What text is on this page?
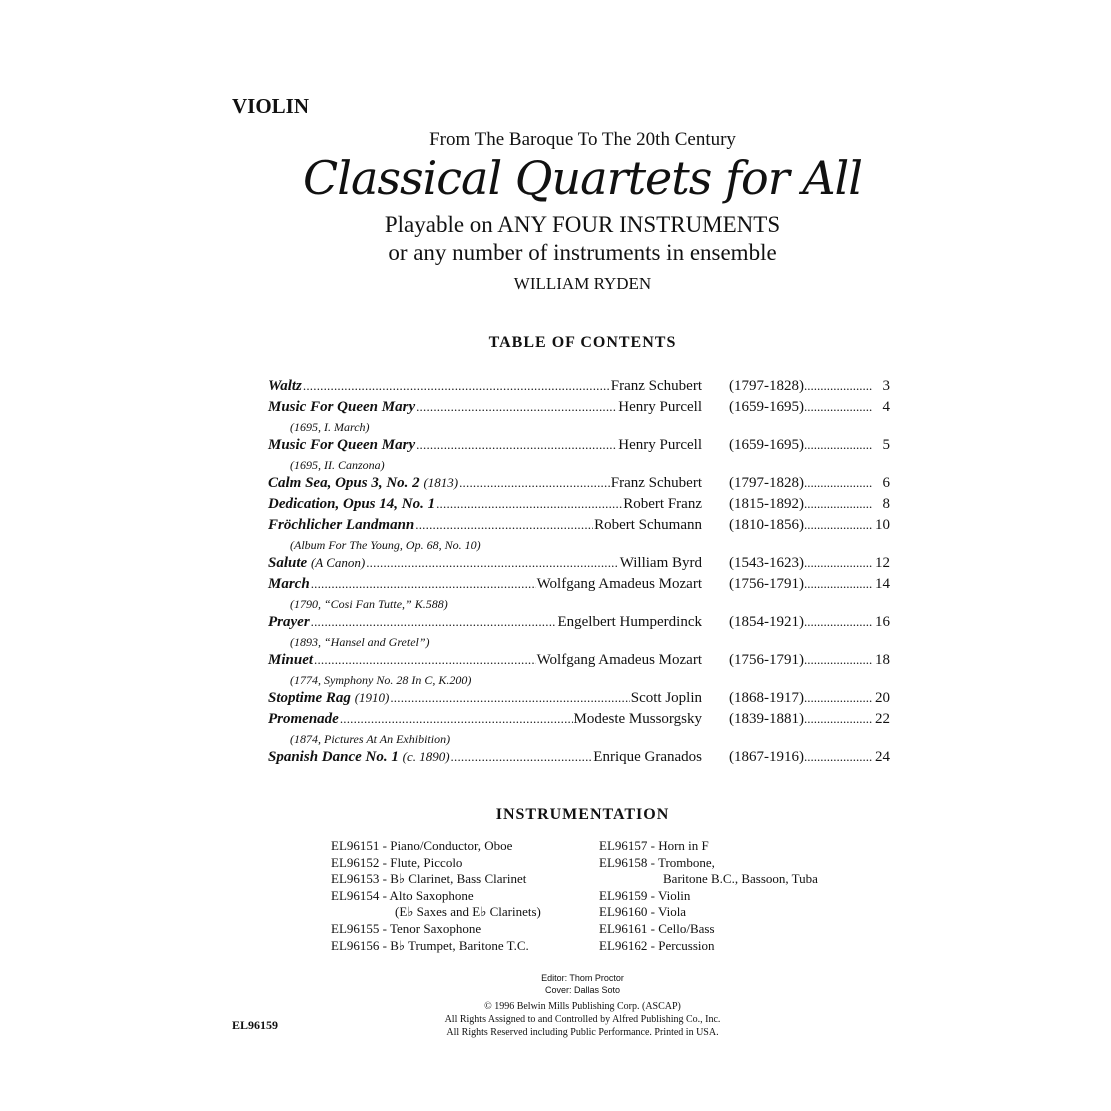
VIOLIN
From The Baroque To The 20th Century
Classical Quartets for All
Playable on ANY FOUR INSTRUMENTS
or any number of instruments in ensemble
WILLIAM RYDEN
TABLE OF CONTENTS
Waltz .....	Franz Schubert	(1797-1828) .....	3
Music For Queen Mary .....	Henry Purcell	(1659-1695) .....	4
(1695, I. March)
Music For Queen Mary .....	Henry Purcell	(1659-1695) .....	5
(1695, II. Canzona)
Calm Sea, Opus 3, No. 2
(1813) .....	Franz Schubert	(1797-1828) .....	6
Dedication, Opus 14, No. 1 .....	Robert Franz	(1815-1892) .....	8
Fröchlicher Landmann .....	Robert Schumann	(1810-1856) .....	10
(Album For The Young, Op. 68, No. 10)
Salute
(A Canon) .....	William Byrd	(1543-1623) .....	12
March .....	Wolfgang Amadeus Mozart	(1756-1791) .....	14
(1790, “Cosi Fan Tutte,” K.588)
Prayer .....	Engelbert Humperdinck	(1854-1921) .....	16
(1893, “Hansel and Gretel”)
Minuet .....	Wolfgang Amadeus Mozart	(1756-1791) .....	18
(1774, Symphony No. 28 In C, K.200)
Stoptime Rag
(1910) .....	Scott Joplin	(1868-1917) .....	20
Promenade .....	Modeste Mussorgsky	(1839-1881) .....	22
(1874, Pictures At An Exhibition)
Spanish Dance No. 1
(c. 1890) .....	Enrique Granados	(1867-1916) .....	24
INSTRUMENTATION
EL96151 - Piano/Conductor, Oboe
EL96152 - Flute, Piccolo
EL96153 - B♭ Clarinet, Bass Clarinet
EL96154 - Alto Saxophone
(E♭ Saxes and E♭ Clarinets)
EL96155 - Tenor Saxophone
EL96156 - B♭ Trumpet, Baritone T.C.
EL96157 - Horn in F
EL96158 - Trombone,
Baritone B.C., Bassoon, Tuba
EL96159 - Violin
EL96160 - Viola
EL96161 - Cello/Bass
EL96162 - Percussion
Editor: Thom Proctor
Cover: Dallas Soto
© 1996 Belwin Mills Publishing Corp. (ASCAP)
All Rights Assigned to and Controlled by Alfred Publishing Co., Inc.
All Rights Reserved including Public Performance. Printed in USA.
EL96159
